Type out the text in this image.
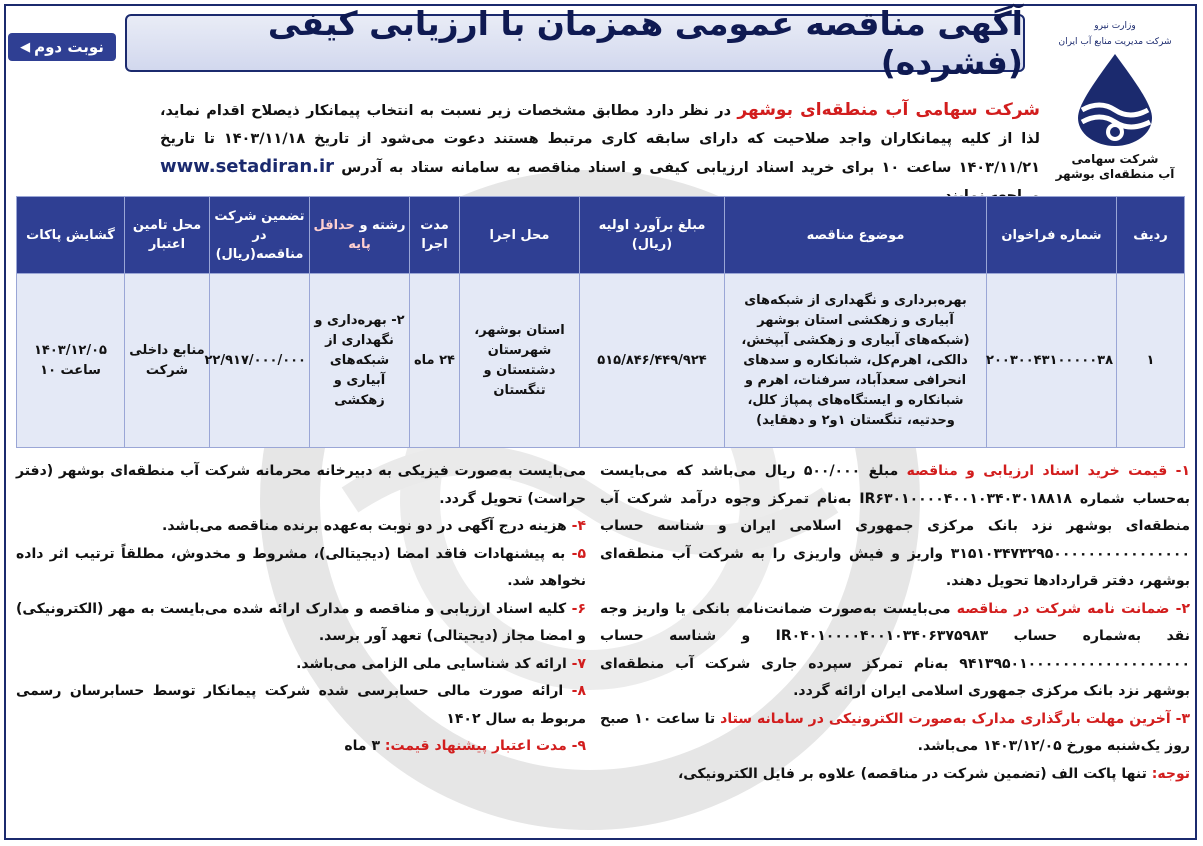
آگهی مناقصه عمومی همزمان با ارزیابی کیفی (فشرده)
نوبت دوم
◀
وزارت نیرو
شرکت مدیریت منابع آب ایران
شرکت سهامی
آب منطقه‌ای بوشهر
شرکت سهامی آب منطقه‌ای بوشهر در نظر دارد مطابق مشخصات زیر نسبت به انتخاب پیمانکار ذیصلاح اقدام نماید، لذا از کلیه پیمانکاران واجد صلاحیت که دارای سابقه کاری مرتبط هستند دعوت می‌شود از تاریخ ۱۴۰۳/۱۱/۱۸ تا تاریخ ۱۴۰۳/۱۱/۲۱ ساعت ۱۰ برای خرید اسناد ارزیابی کیفی و اسناد مناقصه به سامانه ستاد به آدرس www.setadiran.ir
ردیف	شماره فراخوان	موضوع مناقصه	مبلغ برآورد اولیه (ریال)	محل اجرا	مدت اجرا	رشته و حداقل پایه	تضمین شرکت در مناقصه(ریال)	محل تامین اعتبار	گشایش پاکات
۱	۲۰۰۳۰۰۴۳۱۰۰۰۰۰۳۸	بهره‌برداری و نگهداری از شبکه‌های آبیاری و زهکشی استان بوشهر (شبکه‌های آبیاری و زهکشی آبپخش، دالکی، اهرم‌کل، شبانکاره و سدهای انحرافی سعدآباد، سرفنات، اهرم و شبانکاره و ایستگاه‌های پمپاژ کلل، وحدتیه، تنگستان ۱و۲ و دهقاید)	۵۱۵/۸۴۶/۴۴۹/۹۲۴	استان بوشهر، شهرستان دشتستان و تنگستان	۲۴ ماه	۲- بهره‌داری و نگهداری از شبکه‌های آبیاری و زهکشی	۲۲/۹۱۷/۰۰۰/۰۰۰	منابع داخلی شرکت	۱۴۰۳/۱۲/۰۵ ساعت ۱۰

۱- قیمت خرید اسناد ارزیابی و مناقصه مبلغ ۵۰۰/۰۰۰ ریال می‌باشد که می‌بایست به‌حساب شماره IR۶۳۰۱۰۰۰۰۴۰۰۱۰۳۴۰۳۰۱۸۸۱۸ به‌نام تمرکز وجوه درآمد شرکت آب منطقه‌ای بوشهر نزد بانک مرکزی جمهوری اسلامی ایران و شناسه حساب ۳۱۵۱۰۳۴۷۳۲۹۵۰۰۰۰۰۰۰۰۰۰۰۰۰۰۰۰ واریز و فیش واریزی را به شرکت آب منطقه‌ای بوشهر، دفتر قراردادها تحویل دهند.

۲- ضمانت نامه شرکت در مناقصه می‌بایست به‌صورت ضمانت‌نامه بانکی یا واریز وجه نقد به‌شماره حساب IR۰۴۰۱۰۰۰۰۴۰۰۱۰۳۴۰۶۳۷۵۹۸۳ و شناسه حساب ۹۴۱۳۹۵۰۱۰۰۰۰۰۰۰۰۰۰۰۰۰۰۰۰۰۰۰ به‌نام تمرکز سپرده جاری شرکت آب منطقه‌ای بوشهر نزد بانک مرکزی جمهوری اسلامی ایران ارائه گردد.

۳- آخرین مهلت بارگذاری مدارک به‌صورت الکترونیکی در سامانه ستاد تا ساعت ۱۰ صبح روز یک‌شنبه مورخ ۱۴۰۳/۱۲/۰۵ می‌باشد.

توجه: تنها پاکت الف (تضمین شرکت در مناقصه) علاوه بر فایل الکترونیکی،

می‌بایست به‌صورت فیزیکی به دبیرخانه محرمانه شرکت آب منطقه‌ای بوشهر (دفتر حراست) تحویل گردد.

۴- هزینه درج آگهی در دو نوبت به‌عهده برنده مناقصه می‌باشد.

۵- به پیشنهادات فاقد امضا (دیجیتالی)، مشروط و مخدوش، مطلقاً ترتیب اثر داده نخواهد شد.

۶- کلیه اسناد ارزیابی و مناقصه و مدارک ارائه شده می‌بایست به مهر (الکترونیکی) و امضا مجاز (دیجیتالی) تعهد آور برسد.

۷- ارائه کد شناسایی ملی الزامی می‌باشد.

۸- ارائه صورت مالی حسابرسی شده شرکت پیمانکار توسط حسابرسان رسمی مربوط به سال ۱۴۰۲

۹- مدت اعتبار پیشنهاد قیمت: ۳ ماه
